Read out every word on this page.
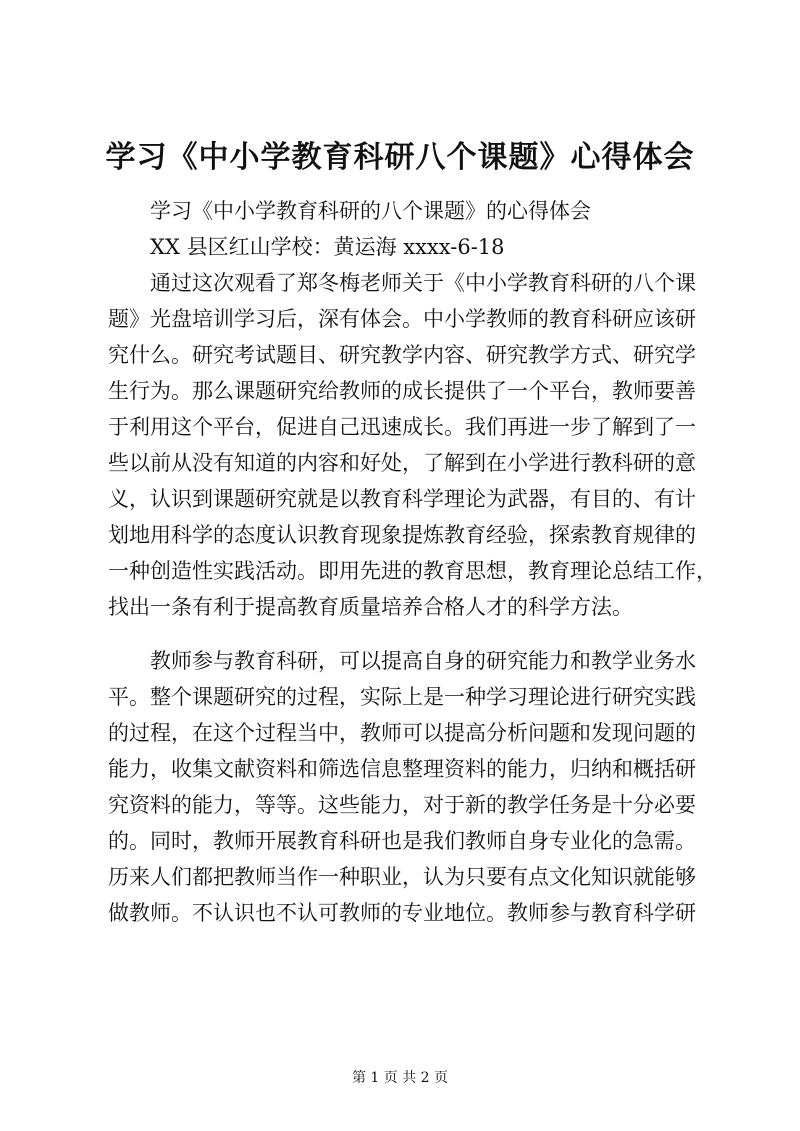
学习《中小学教育科研八个课题》心得体会
学习《中小学教育科研的八个课题》的心得体会
XX 县区红山学校：黄运海 xxxx-6-18
通过这次观看了郑冬梅老师关于《中小学教育科研的八个课
题》光盘培训学习后，深有体会。中小学教师的教育科研应该研
究什么。研究考试题目、研究教学内容、研究教学方式、研究学
生行为。那么课题研究给教师的成长提供了一个平台，教师要善
于利用这个平台，促进自己迅速成长。我们再进一步了解到了一
些以前从没有知道的内容和好处，了解到在小学进行教科研的意
义，认识到课题研究就是以教育科学理论为武器，有目的、有计
划地用科学的态度认识教育现象提炼教育经验，探索教育规律的
一种创造性实践活动。即用先进的教育思想，教育理论总结工作，
找出一条有利于提高教育质量培养合格人才的科学方法。
教师参与教育科研，可以提高自身的研究能力和教学业务水
平。整个课题研究的过程，实际上是一种学习理论进行研究实践
的过程，在这个过程当中，教师可以提高分析问题和发现问题的
能力，收集文献资料和筛选信息整理资料的能力，归纳和概括研
究资料的能力，等等。这些能力，对于新的教学任务是十分必要
的。同时，教师开展教育科研也是我们教师自身专业化的急需。
历来人们都把教师当作一种职业，认为只要有点文化知识就能够
做教师。不认识也不认可教师的专业地位。教师参与教育科学研
第 1 页 共 2 页
